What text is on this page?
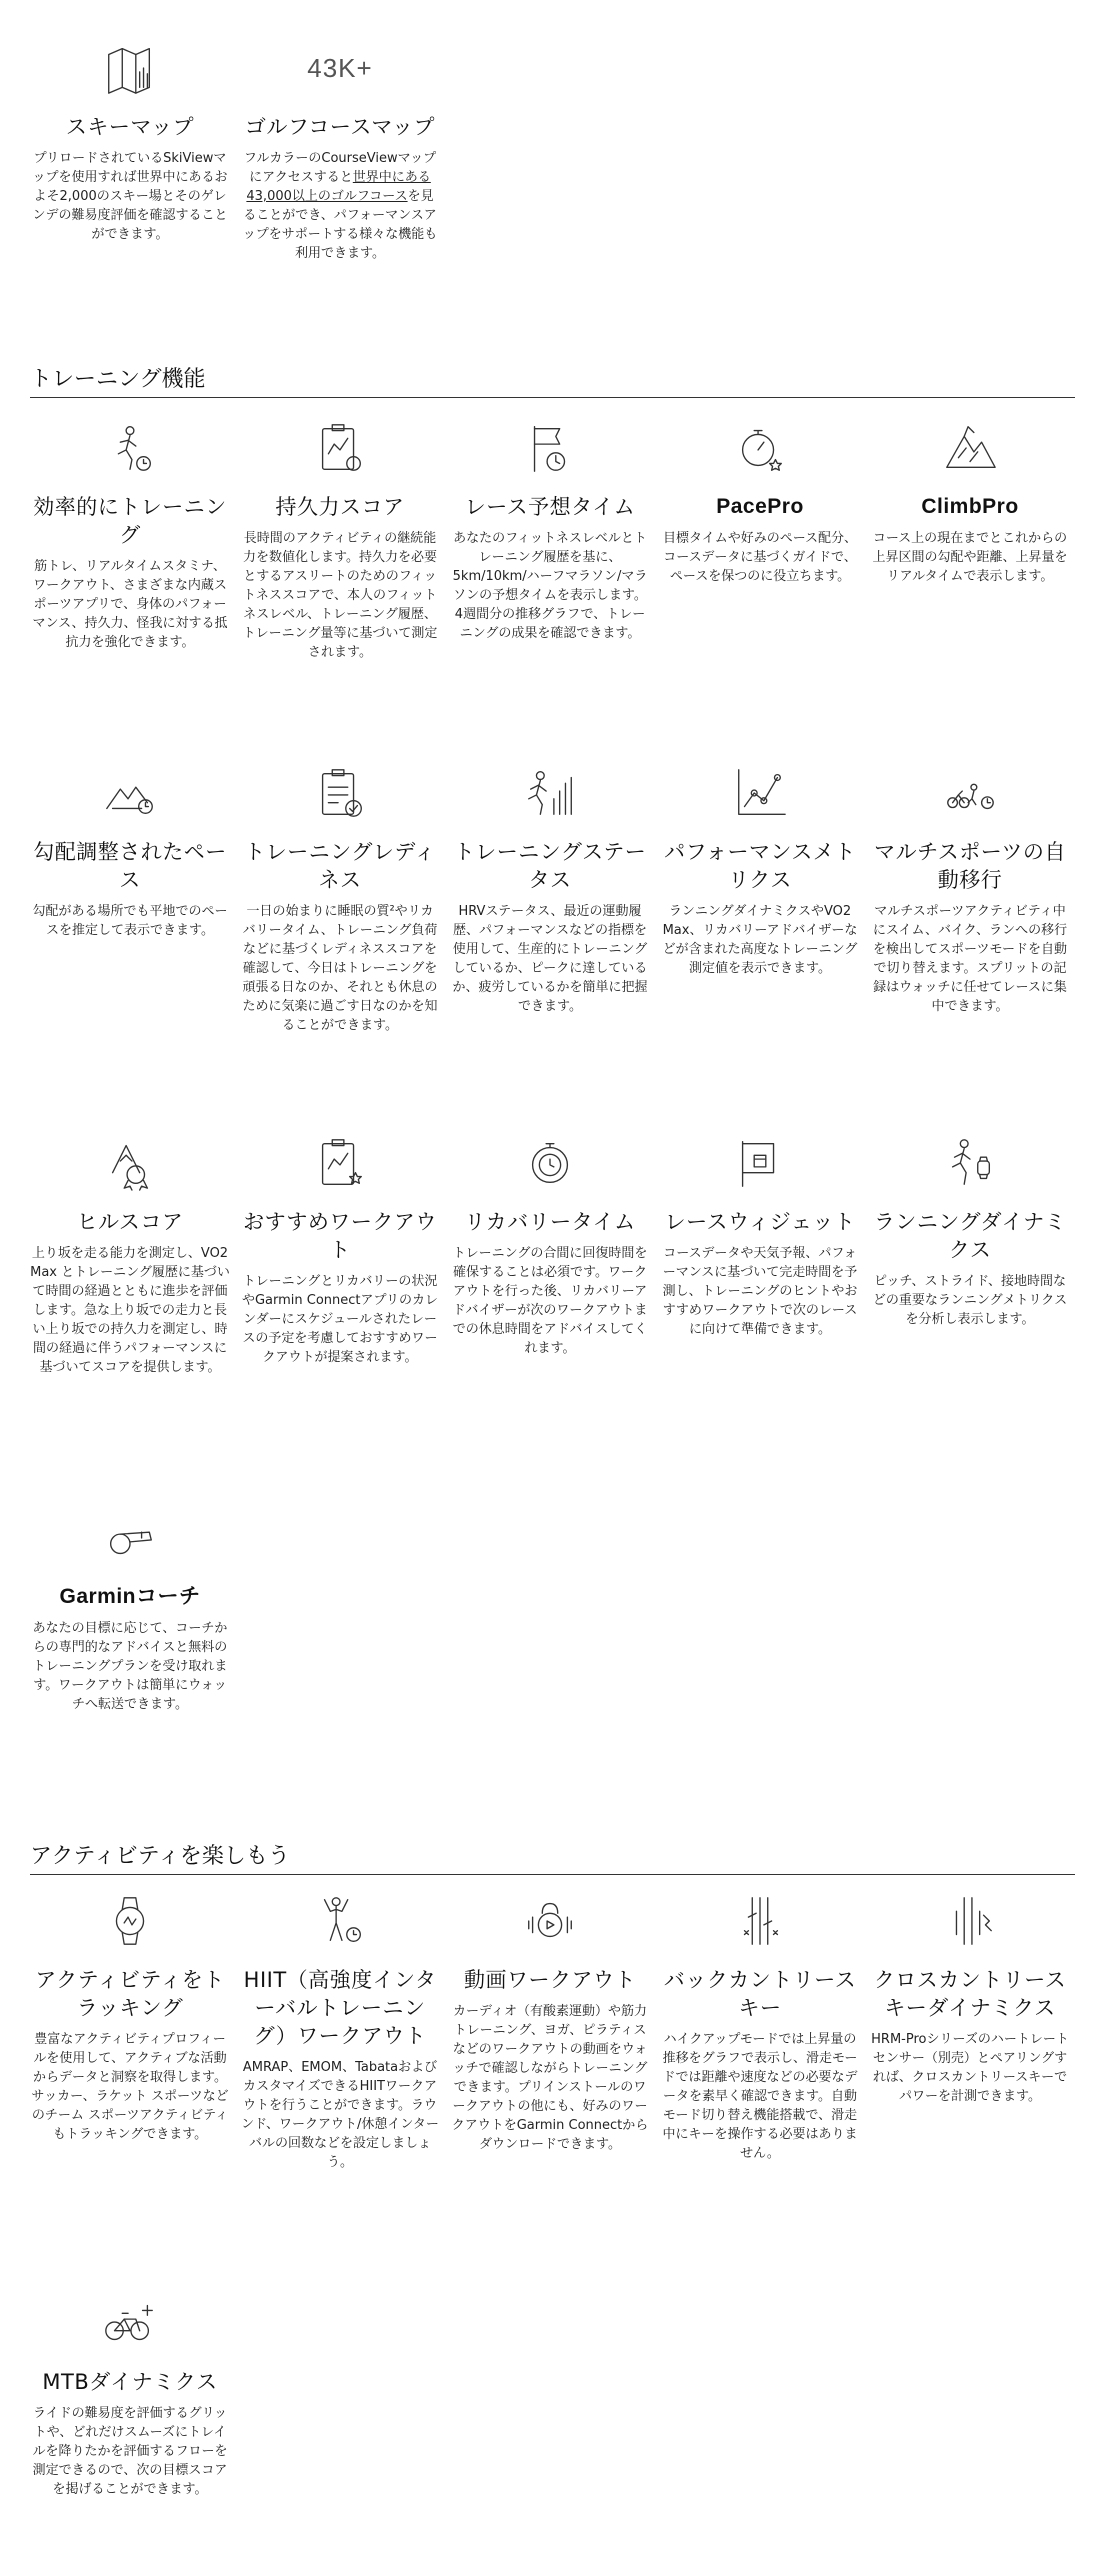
スキーマップ

プリロードされているSkiViewマップを使用すれば世界中にあるおよそ2,000のスキー場とそのゲレンデの難易度評価を確認することができます。

43K+
ゴルフコースマップ

フルカラーのCourseViewマップにアクセスすると世界中にある43,000以上のゴルフコースを見ることができ、パフォーマンスアップをサポートする様々な機能も利用できます。

トレーニング機能
効率的にトレーニング

筋トレ、リアルタイムスタミナ、ワークアウト、さまざまな内蔵スポーツアプリで、身体のパフォーマンス、持久力、怪我に対する抵抗力を強化できます。

持久力スコア

長時間のアクティビティの継続能力を数値化します。持久力を必要とするアスリートのためのフィットネススコアで、本人のフィットネスレベル、トレーニング履歴、トレーニング量等に基づいて測定されます。

レース予想タイム

あなたのフィットネスレベルとトレーニング履歴を基に、5km/10km/ハーフマラソン/マラソンの予想タイムを表示します。4週間分の推移グラフで、トレーニングの成果を確認できます。

PacePro

目標タイムや好みのペース配分、コースデータに基づくガイドで、ペースを保つのに役立ちます。

ClimbPro

コース上の現在までとこれからの上昇区間の勾配や距離、上昇量をリアルタイムで表示します。

勾配調整されたペース

勾配がある場所でも平地でのペースを推定して表示できます。

トレーニングレディネス

一日の始まりに睡眠の質²やリカバリータイム、トレーニング負荷などに基づくレディネススコアを確認して、今日はトレーニングを頑張る日なのか、それとも休息のために気楽に過ごす日なのかを知ることができます。

トレーニングステータス

HRVステータス、最近の運動履歴、パフォーマンスなどの指標を使用して、生産的にトレーニングしているか、ピークに達しているか、疲労しているかを簡単に把握できます。

パフォーマンスメトリクス

ランニングダイナミクスやVO2 Max、リカバリーアドバイザーなどが含まれた高度なトレーニング測定値を表示できます。

マルチスポーツの自動移行

マルチスポーツアクティビティ中にスイム、バイク、ランへの移行を検出してスポーツモードを自動で切り替えます。スプリットの記録はウォッチに任せてレースに集中できます。

ヒルスコア

上り坂を走る能力を測定し、VO2 Max とトレーニング履歴に基づいて時間の経過とともに進歩を評価します。急な上り坂での走力と長い上り坂での持久力を測定し、時間の経過に伴うパフォーマンスに基づいてスコアを提供します。

おすすめワークアウト

トレーニングとリカバリーの状況やGarmin Connectアプリのカレンダーにスケジュールされたレースの予定を考慮しておすすめワークアウトが提案されます。

リカバリータイム

トレーニングの合間に回復時間を確保することは必須です。ワークアウトを行った後、リカバリーアドバイザーが次のワークアウトまでの休息時間をアドバイスしてくれます。

レースウィジェット

コースデータや天気予報、パフォーマンスに基づいて完走時間を予測し、トレーニングのヒントやおすすめワークアウトで次のレースに向けて準備できます。

ランニングダイナミクス

ピッチ、ストライド、接地時間などの重要なランニングメトリクスを分析し表示します。

Garminコーチ

あなたの目標に応じて、コーチからの専門的なアドバイスと無料のトレーニングプランを受け取れます。ワークアウトは簡単にウォッチへ転送できます。

アクティビティを楽しもう
アクティビティをトラッキング

豊富なアクティビティプロフィールを使用して、アクティブな活動からデータと洞察を取得します。サッカー、ラケット スポーツなどのチーム スポーツアクティビティもトラッキングできます。

HIIT（高強度インターバルトレーニング）ワークアウト

AMRAP、EMOM、TabataおよびカスタマイズできるHIITワークアウトを行うことができます。ラウンド、ワークアウト/休憩インターバルの回数などを設定しましょう。

動画ワークアウト

カーディオ（有酸素運動）や筋力トレーニング、ヨガ、ピラティスなどのワークアウトの動画をウォッチで確認しながらトレーニングできます。プリインストールのワークアウトの他にも、好みのワークアウトをGarmin Connectからダウンロードできます。

バックカントリースキー

ハイクアップモードでは上昇量の推移をグラフで表示し、滑走モードでは距離や速度などの必要なデータを素早く確認できます。自動モード切り替え機能搭載で、滑走中にキーを操作する必要はありません。

クロスカントリースキーダイナミクス

HRM-Proシリーズのハートレートセンサー（別売）とペアリングすれば、クロスカントリースキーでパワーを計測できます。

MTBダイナミクス

ライドの難易度を評価するグリットや、どれだけスムーズにトレイルを降りたかを評価するフローを測定できるので、次の目標スコアを掲げることができます。
